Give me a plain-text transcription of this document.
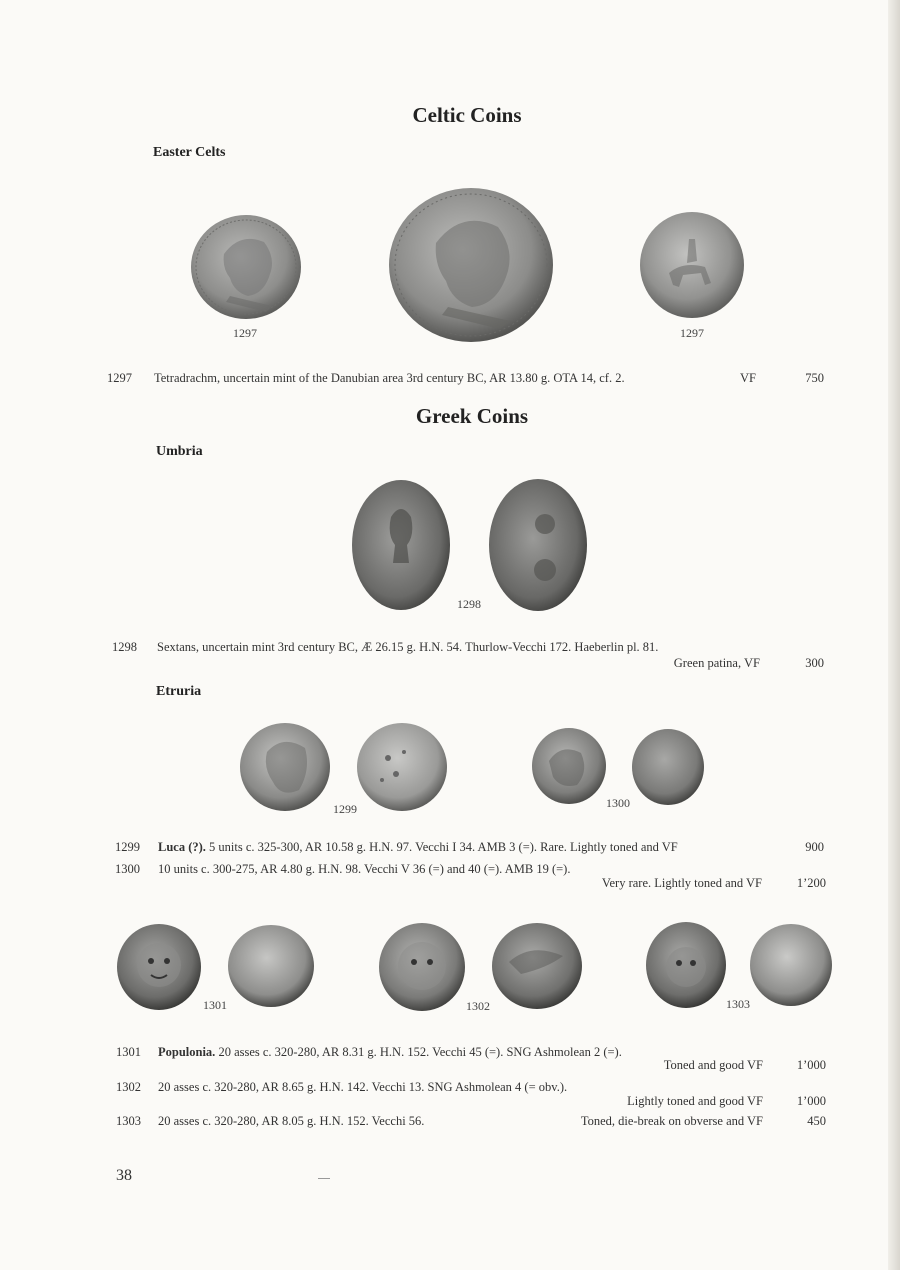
Celtic Coins
Easter Celts
1297	1297
1297 Tetradrachm, uncertain mint of the Danubian area 3rd century BC, AR 13.80 g. OTA 14, cf. 2.	VF	750
Greek Coins
Umbria
1298
1298 Sextans, uncertain mint 3rd century BC, Æ 26.15 g. H.N. 54. Thurlow-Vecchi 172. Haeberlin pl. 81.
Green patina, VF	300
Etruria
1299	1300
1299 Luca (?). 5 units c. 325-300, AR 10.58 g. H.N. 97. Vecchi I 34. AMB 3 (=). Rare. Lightly toned and VF	900
1300 10 units c. 300-275, AR 4.80 g. H.N. 98. Vecchi V 36 (=) and 40 (=). AMB 19 (=).
Very rare. Lightly toned and VF	1’200
1301	1302	1303
1301 Populonia. 20 asses c. 320-280, AR 8.31 g. H.N. 152. Vecchi 45 (=). SNG Ashmolean 2 (=).
Toned and good VF	1’000
1302 20 asses c. 320-280, AR 8.65 g. H.N. 142. Vecchi 13. SNG Ashmolean 4 (= obv.).
Lightly toned and good VF	1’000
1303 20 asses c. 320-280, AR 8.05 g. H.N. 152. Vecchi 56.	Toned, die-break on obverse and VF	450
38
